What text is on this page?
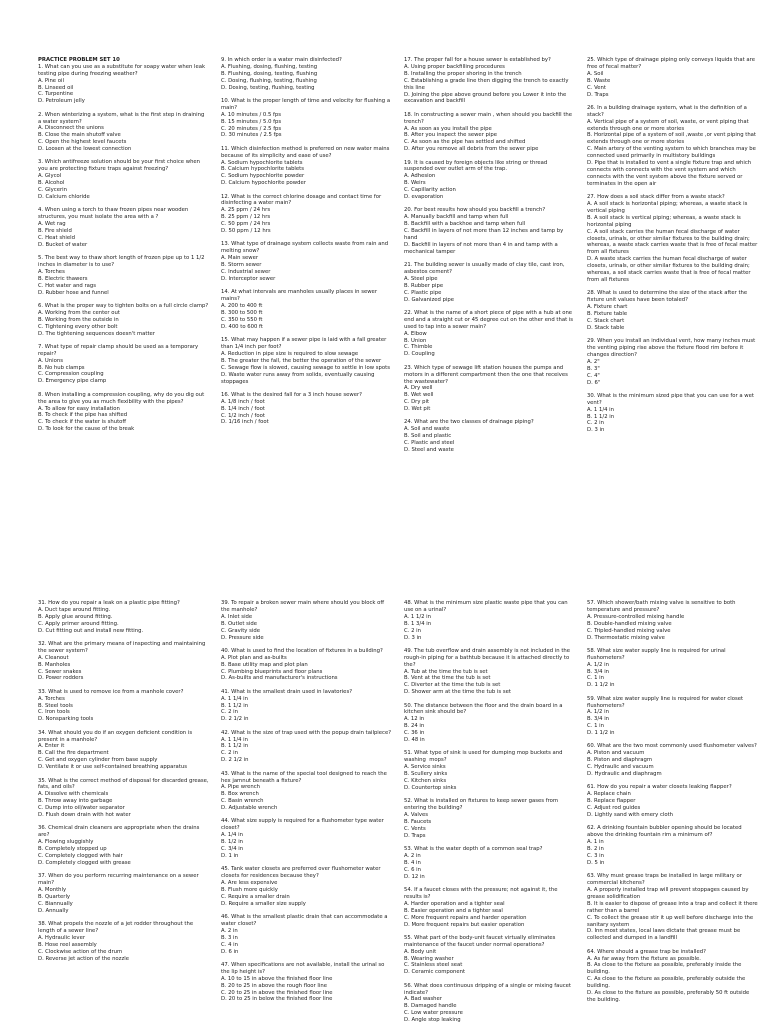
PRACTICE PROBLEM SET 10
1. What can you use as a substitute for soapy water when leak testing pipe during freezing weather?
A. Pine oil
B. Linseed oil
C. Turpentine
D. Petroleum jelly
2. When winterizing a system, what is the first step in draining a water system?
A. Disconnect the unions
B. Close the main shutoff valve
C. Open the highest level faucets
D. Loosen at the lowest connection
3. Which antifreeze solution should be your first choice when you are protecting fixture traps against freezing?
A. Glycol
B. Alcohol
C. Glycerin
D. Calcium chloride
4. When using a torch to thaw frozen pipes near wooden structures, you must isolate the area with a ?
A. Wet rag
B. Fire shield
C. Heat shield
D. Bucket of water
5. The best way to thaw short length of frozen pipe up to 1 1/2 inches in diameter is to use?
A. Torches
B. Electric thawers
C. Hot water and rags
D. Rubber hose and funnel
6. What is the proper way to tighten bolts on a full circle clamp?
A. Working from the center out
B. Working from the outside in
C. Tightening every other bolt
D. The tightening sequences doesn't matter
7. What type of repair clamp should be used as a temporary repair?
A. Unions
B. No hub clamps
C. Compression coupling
D. Emergency pipe clamp
8. When installing a compression coupling, why do you dig out the area to give you as much flexibility with the pipes?
A. To allow for easy installation
B. To check if the pipe has shifted
C. To check if the water is shutoff
D. To look for the cause of the break
9. In which order is a water main disinfected?
A. Flushing, dosing, flushing, testing
B. Flushing, dosing, testing, flushing
C. Dosing, flushing, testing, flushing
D. Dosing, testing, flushing, testing
10. What is the proper length of time and velocity for flushing a main?
A. 10 minutes / 0.5 fps
B. 15 minutes / 5.0 fps
C. 20 minutes / 2.5 fps
D. 30 minutes / 2.5 fps
11. Which disinfection method is preferred on new water mains because of its simplicity and ease of use?
A. Sodium hypochlorite tablets
B. Calcium hypochlorite tablets
C. Sodium hypochlorite powder
D. Calcium hypochlorite powder
12. What is the correct chlorine dosage and contact time for disinfecting a water main?
A. 25 ppm / 24 hrs
B. 25 ppm / 12 hrs
C. 50 ppm / 24 hrs
D. 50 ppm / 12 hrs
13. What type of drainage system collects waste from rain and melting snow?
A. Main sewer
B. Storm sewer
C. Industrial sewer
D. Interceptor sewer
14. At what intervals are manholes usually places in sewer mains?
A. 200 to 400 ft
B. 300 to 500 ft
C. 350 to 550 ft
D. 400 to 600 ft
15. What may happen if a sewer pipe is laid with a fall greater than 1/4 inch per foot?
A. Reduction in pipe size is required to slow sewage
B. The greater the fall, the better the operation of the sewer
C. Sewage flow is slowed, causing sewage to settle in low spots
D. Waste water runs away from solids, eventually causing stoppages
16. What is the desired fall for a 3 inch house sewer?
A. 1/8 inch / foot
B. 1/4 inch / foot
C. 1/2 inch / foot
D. 1/16 inch / foot
17. The proper fall for a house sewer is established by?
A. Using proper backfilling procedures
B. Installing the proper shoring in the trench
C. Establishing a grade line then digging the trench to exactly this line
D. Joining the pipe above ground before you Lower it into the excavation and backfill
18. In constructing a sewer main , when should you backfill the trench?
A. As soon as you install the pipe
B. After you inspect the sewer pipe
C. As soon as the pipe has settled and shifted
D. After you remove all debris from the sewer pipe
19. It is caused by foreign objects like string or thread suspended over outlet arm of the trap.
A. Adhesion
B. Weirs
C. Capillarity action
D. evaporation
20. For best results how should you backfill a trench?
A. Manually backfill and tamp when full
B. Backfill with a backhoe and tamp when full
C. Backfill in layers of not more than 12 inches and tamp by hand
D. Backfill in layers of not more than 4 in and tamp with a mechanical tamper
21. The building sewer is usually made of clay tile, cast iron, asbestos cement?
A. Steel pipe
B. Rubber pipe
C. Plastic pipe
D. Galvanized pipe
22. What is the name of a short piece of pipe with a hub at one end and a straight cut or 45 degree cut on the other end that is used to tap into a sewer main?
A. Elbow
B. Union
C. Thimble
D. Coupling
23. Which type of sewage lift station houses the pumps and motors in a different compartment then the one that receives the wastewater?
A. Dry well
B. Wet well
C. Dry pit
D. Wet pit
24. What are the two classes of drainage piping?
A. Soil and waste
B. Soil and plastic
C. Plastic and steel
D. Steel and waste
25. Which type of drainage piping only conveys liquids that are free of fecal matter?
A. Soil
B. Waste
C. Vent
D. Traps
26. In a building drainage system, what is the definition of a stack?
A. Vertical pipe of a system of soil, waste, or vent piping that extends through one or more stories
B. Horizontal pipe of a system of soil ,waste ,or vent piping that extends through one or more stories
C. Main artery of the venting system to which branches may be connected used primarily in multistory buildings
D. Pipe that is installed to vent a single fixture trap and which connects with connects with the vent system and which connects with the vent system above the fixture served or terminates in the open air
27. How does a soil stack differ from a waste stack?
A. A soil stack is horizontal piping; whereas, a waste stack is vertical piping
B. A soil stack is vertical piping; whereas, a waste stack is horizontal piping
C. A soil stack carries the human fecal discharge of water closets, urinals, or other similar fixtures to the building drain; whereas, a waste stack carries waste that is free of fecal matter from all fixtures
D. A waste stack carries the human fecal discharge of water closets, urinals, or other similar fixtures to the building drain; whereas, a soil stack carries waste that is free of fecal matter from all fixtures
28. What is used to determine the size of the stack after the fixture unit values have been totaled?
A. Fixture chart
B. Fixture table
C. Stack chart
D. Stack table
29. When you install an individual vent, how many inches must the venting piping rise above the fixture flood rim before it changes direction?
A. 2"
B. 3"
C. 4"
D. 6"
30. What is the minimum sized pipe that you can use for a wet vent?
A. 1 1/4 in
B. 1 1/2 in
C. 2 in
D. 3 in
31. How do you repair a leak on a plastic pipe fitting?
A. Duct tape around fitting.
B. Apply glue around fitting.
C. Apply primer around fitting.
D. Cut fitting out and install new fitting.
32. What are the primary means of inspecting and maintaining the sewer system?
A. Cleanout
B. Manholes
C. Sewer snakes
D. Power rodders
33. What is used to remove ice from a manhole cover?
A. Torches
B. Steel tools
C. Iron tools
D. Nonsparking tools
34. What should you do if an oxygen deficient condition is present in a manhole?
A. Enter it
B. Call the fire department
C. Get and oxygen cylinder from base supply
D. Ventilate it or use self-contained breathing apparatus
35. What is the correct method of disposal for discarded grease, fats, and oils?
A. Dissolve with chemicals
B. Throw away into garbage
C. Dump into oil/water separator
D. Flush down drain with hot water
36. Chemical drain cleaners are appropriate when the drains are?
A. Flowing sluggishly
B. Completely stopped up
C. Completely clogged with hair
D. Completely clogged with grease
37. When do you perform recurring maintenance on a sewer main?
A. Monthly
B. Quarterly
C. Biannually
D. Annually
38. What propels the nozzle of a jet rodder throughout the length of a sewer line?
A. Hydraulic lever
B. Hose reel assembly
C. Clockwise action of the drum
D. Reverse jet action of the nozzle
39. To repair a broken sewer main where should you block off the manhole?
A. Inlet side
B. Outlet side
C. Gravity side
D. Pressure side
40. What is used to find the location of fixtures in a building?
A. Plot plan and as-builts
B. Base utility map and plot plan
C. Plumbing blueprints and floor plans
D. As-builts and manufacturer's instructions
41. What is the smallest drain used in lavatories?
A. 1 1/4 in
B. 1 1/2 in
C. 2 in
D. 2 1/2 in
42. What is the size of trap used with the popup drain tailpiece?
A. 1 1/4 in
B. 1 1/2 in
C. 2 in
D. 2 1/2 in
43. What is the name of the special tool designed to reach the hex jamnut beneath a fixture?
A. Pipe wrench
B. Box wrench
C. Basin wrench
D. Adjustable wrench
44. What size supply is required for a flushometer type water closet?
A. 1/4 in
B. 1/2 in
C. 3/4 in
D. 1 in
45. Tank water closets are preferred over flushometer water closets for residences because they?
A. Are less expensive
B. Flush more quickly
C. Require a smaller drain
D. Require a smaller size supply
46. What is the smallest plastic drain that can accommodate a water closet?
A. 2 in
B. 3 in
C. 4 in
D. 6 in
47. When specifications are not available, install the urinal so the lip height is?
A. 10 to 15 in above the finished floor line
B. 20 to 25 in above the rough floor line
C. 20 to 25 in above the finished floor line
D. 20 to 25 in below the finished floor line
48. What is the minimum size plastic waste pipe that you can use on a urinal?
A. 1 1/2 in
B. 1 3/4 in
C. 2 in
D. 3 in
49. The tub overflow and drain assembly is not included in the rough-in piping for a bathtub because it is attached directly to the?
A. Tub at the time the tub is set
B. Vent at the time the tub is set
C. Diverter at the time the tub is set
D. Shower arm at the time the tub is set
50. The distance between the floor and the drain board in a kitchen sink should be?
A. 12 in
B. 24 in
C. 36 in
D. 48 in
51. What type of sink is used for dumping mop buckets and washing  mops?
A. Service sinks
B. Scullery sinks
C. Kitchen sinks
D. Countertop sinks
52. What is installed on fixtures to keep sewer gases from entering the building?
A. Valves
B. Faucets
C. Vents
D. Traps
53. What is the water depth of a common seal trap?
A. 2 in
B. 4 in
C. 6 in
D. 12 in
54. If a faucet closes with the pressure; not against it, the results is?
A. Harder operation and a tighter seal
B. Easier operation and a tighter seal
C. More frequent repairs and harder operation
D. More frequent repairs but easier operation
55. What part of the body-unit faucet virtually eliminates maintenance of the faucet under normal operations?
A. Body unit
B. Wearing washer
C. Stainless steel seat
D. Ceramic component
56. What does continuous dripping of a single or mixing faucet indicate?
A. Bad washer
B. Damaged handle
C. Low water pressure
D. Angle stop leaking
57. Which shower/bath mixing valve is sensitive to both temperature and pressure?
A. Pressure-controlled mixing handle
B. Double-handled mixing valve
C. Tripled-handled mixing valve
D. Thermostatic mixing valve
58. What size water supply line is required for urinal flushometers?
A. 1/2 in
B. 3/4 in
C. 1 in
D. 1 1/2 in
59. What size water supply line is required for water closet flushometers?
A. 1/2 in
B. 3/4 in
C. 1 in
D. 1 1/2 in
60. What are the two most commonly used flushometer valves?
A. Piston and vacuum
B. Piston and diaphragm
C. Hydraulic and vacuum
D. Hydraulic and diaphragm
61. How do you repair a water closets leaking flapper?
A. Replace chain
B. Replace flapper
C. Adjust rod guides
D. Lightly sand with emery cloth
62. A drinking fountain bubbler opening should be located above the drinking fountain rim a minimum of?
A. 1 in
B. 2 in
C. 3 in
D. 5 in
63. Why must grease traps be installed in large military or commercial kitchens?
A. A properly installed trap will prevent stoppages caused by grease solidification
B. It is easier to dispose of grease into a trap and collect it there rather than a barrel
C. To collect the grease stir it up well before discharge into the sanitary system
D. Inn most states, local laws dictate that grease must be collected and dumped in a landfill
64. Where should a grease trap be installed?
A. As far away from the fixture as possible.
B. As close to the fixture as possible, preferably inside the building.
C. As close to the fixture as possible, preferably outside the building.
D. As close to the fixture as possible, preferably 50 ft outside the building.
